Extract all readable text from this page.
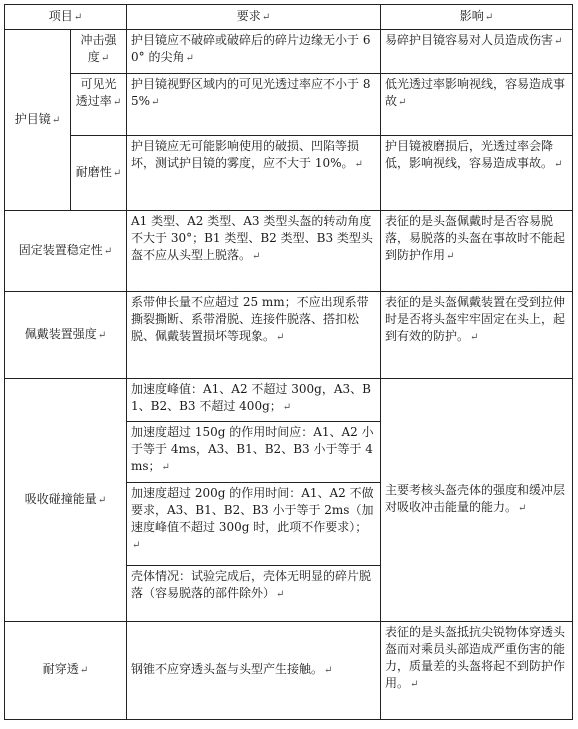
项目 ↵		要求 ↵	影响 ↵
护目镜 ↵	冲击强度 ↵	护目镜应不破碎或破碎后的碎片边缘无小于 60° 的尖角 ↵	易碎护目镜容易对人员造成伤害 ↵
	可见光透过率 ↵	护目镜视野区域内的可见光透过率应不小于 85% ↵	低光透过率影响视线，容易造成事故 ↵
	耐磨性 ↵	护目镜应无可能影响使用的破损、凹陷等损坏，测试护目镜的雾度，应不大于 10%。 ↵	护目镜被磨损后，光透过率会降低，影响视线，容易造成事故。 ↵
固定装置稳定性 ↵		A1 类型、A2 类型、A3 类型头盔的转动角度不大于 30°；B1 类型、B2 类型、B3 类型头盔不应从头型上脱落。 ↵	表征的是头盔佩戴时是否容易脱落，易脱落的头盔在事故时不能起到防护作用 ↵
佩戴装置强度 ↵		系带伸长量不应超过 25 mm；不应出现系带撕裂撕断、系带滑脱、连接件脱落、搭扣松脱、佩戴装置损坏等现象。 ↵	表征的是头盔佩戴装置在受到拉伸时是否将头盔牢牢固定在头上，起到有效的防护。 ↵
吸收碰撞能量 ↵		加速度峰值：A1、A2 不超过 300g，A3、B1、B2、B3 不超过 400g； ↵	主要考核头盔壳体的强度和缓冲层对吸收冲击能量的能力。 ↵
		加速度超过 150g 的作用时间应：A1、A2 小于等于 4ms，A3、B1、B2、B3 小于等于 4ms； ↵
		加速度超过 200g 的作用时间：A1、A2 不做要求，A3、B1、B2、B3 小于等于 2ms（加速度峰值不超过 300g 时，此项不作要求）； ↵
		壳体情况：试验完成后，壳体无明显的碎片脱落（容易脱落的部件除外） ↵
耐穿透 ↵		钢锥不应穿透头盔与头型产生接触。 ↵	表征的是头盔抵抗尖锐物体穿透头盔而对乘员头部造成严重伤害的能力，质量差的头盔将起不到防护作用。 ↵
